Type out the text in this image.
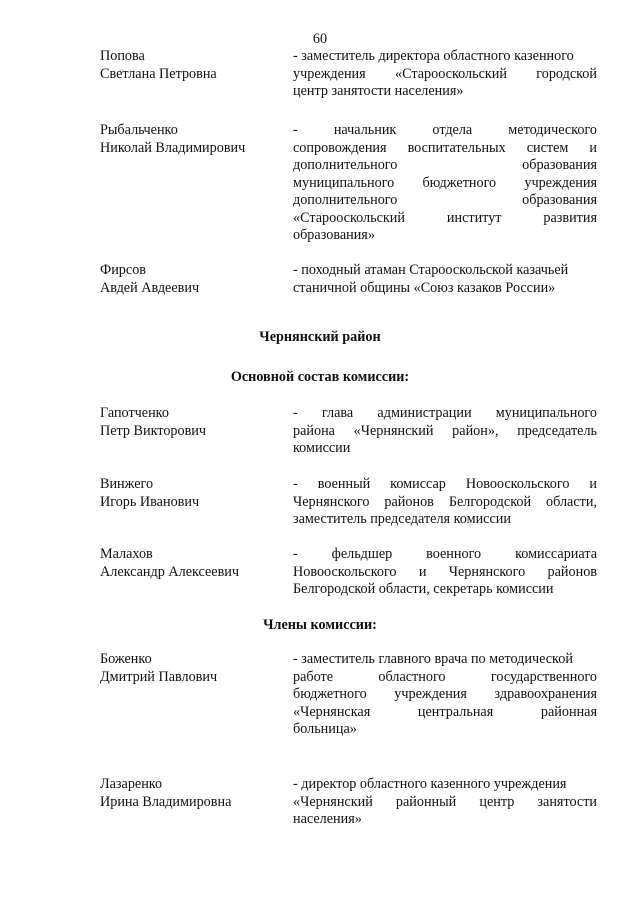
60
Чернянский район
Основной состав комиссии:
Члены комиссии:
Попова
Светлана Петровна
- заместитель директора областного казенного
учреждения «Старооскольский городской
центр занятости населения»
Рыбальченко
Николай Владимирович
- начальник отдела методического
сопровождения воспитательных систем и
дополнительного образования
муниципального бюджетного учреждения
дополнительного образования
«Старооскольский институт развития
образования»
Фирсов
Авдей Авдеевич
- походный атаман Старооскольской казачьей
станичной общины «Союз казаков России»
Гапотченко
Петр Викторович
- глава администрации муниципального
района «Чернянский район», председатель
комиссии
Винжего
Игорь Иванович
- военный комиссар Новооскольского и
Чернянского районов Белгородской области,
заместитель председателя комиссии
Малахов
Александр Алексеевич
- фельдшер военного комиссариата
Новооскольского и Чернянского районов
Белгородской области, секретарь комиссии
Боженко
Дмитрий Павлович
- заместитель главного врача по методической
работе областного государственного
бюджетного учреждения здравоохранения
«Чернянская центральная районная
больница»
Лазаренко
Ирина Владимировна
- директор областного казенного учреждения
«Чернянский районный центр занятости
населения»
